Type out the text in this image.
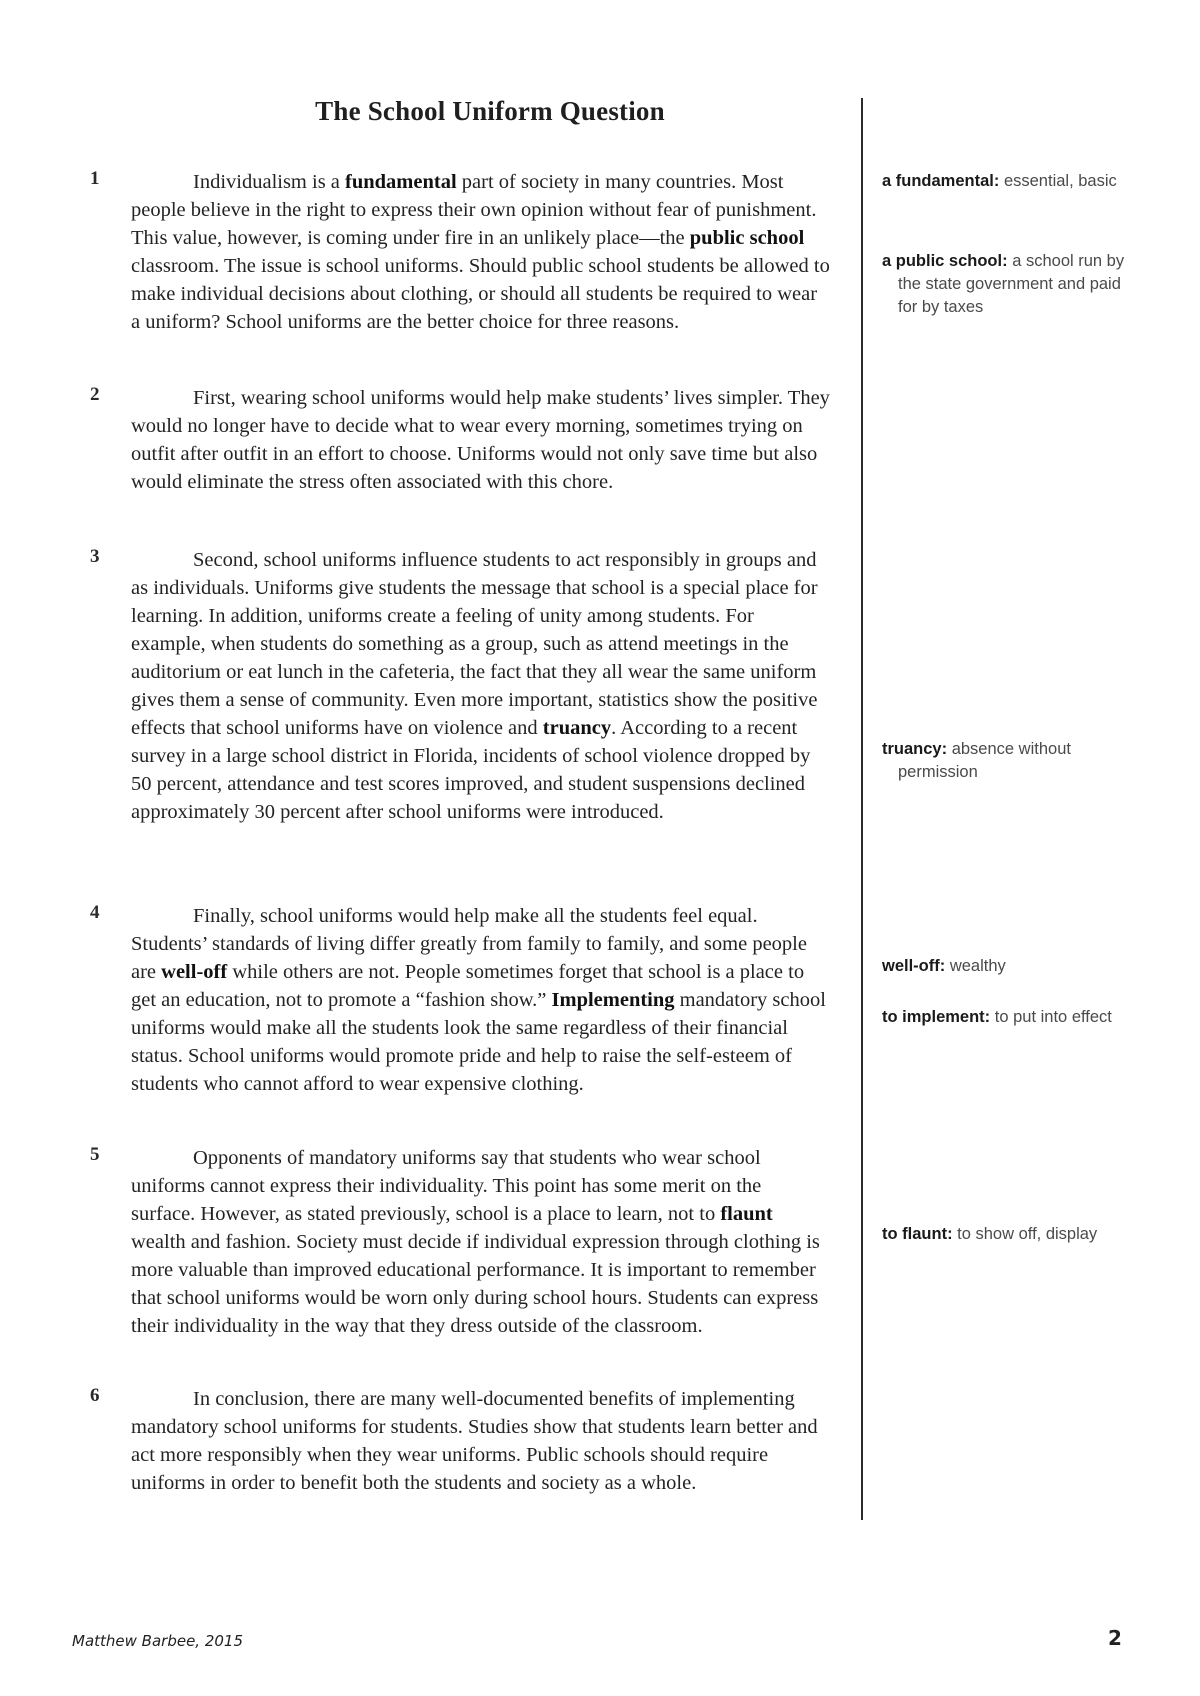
The School Uniform Question
1	Individualism is a fundamental part of society in many countries. Most people believe in the right to express their own opinion without fear of punishment. This value, however, is coming under fire in an unlikely place—the public school classroom. The issue is school uniforms. Should public school students be allowed to make individual decisions about clothing, or should all students be required to wear a uniform? School uniforms are the better choice for three reasons.
2	First, wearing school uniforms would help make students’ lives simpler. They would no longer have to decide what to wear every morning, sometimes trying on outfit after outfit in an effort to choose. Uniforms would not only save time but also would eliminate the stress often associated with this chore.
3	Second, school uniforms influence students to act responsibly in groups and as individuals. Uniforms give students the message that school is a special place for learning. In addition, uniforms create a feeling of unity among students. For example, when students do something as a group, such as attend meetings in the auditorium or eat lunch in the cafeteria, the fact that they all wear the same uniform gives them a sense of community. Even more important, statistics show the positive effects that school uniforms have on violence and truancy. According to a recent survey in a large school district in Florida, incidents of school violence dropped by 50 percent, attendance and test scores improved, and student suspensions declined approximately 30 percent after school uniforms were introduced.
4	Finally, school uniforms would help make all the students feel equal. Students’ standards of living differ greatly from family to family, and some people are well-off while others are not. People sometimes forget that school is a place to get an education, not to promote a “fashion show.” Implementing mandatory school uniforms would make all the students look the same regardless of their financial status. School uniforms would promote pride and help to raise the self-esteem of students who cannot afford to wear expensive clothing.
5	Opponents of mandatory uniforms say that students who wear school uniforms cannot express their individuality. This point has some merit on the surface. However, as stated previously, school is a place to learn, not to flaunt wealth and fashion. Society must decide if individual expression through clothing is more valuable than improved educational performance. It is important to remember that school uniforms would be worn only during school hours. Students can express their individuality in the way that they dress outside of the classroom.
6	In conclusion, there are many well-documented benefits of implementing mandatory school uniforms for students. Studies show that students learn better and act more responsibly when they wear uniforms. Public schools should require uniforms in order to benefit both the students and society as a whole.
a fundamental: essential, basic
a public school: a school run by the state government and paid for by taxes
truancy: absence without permission
well-off: wealthy
to implement: to put into effect
to flaunt: to show off, display
Matthew Barbee, 2015	2
